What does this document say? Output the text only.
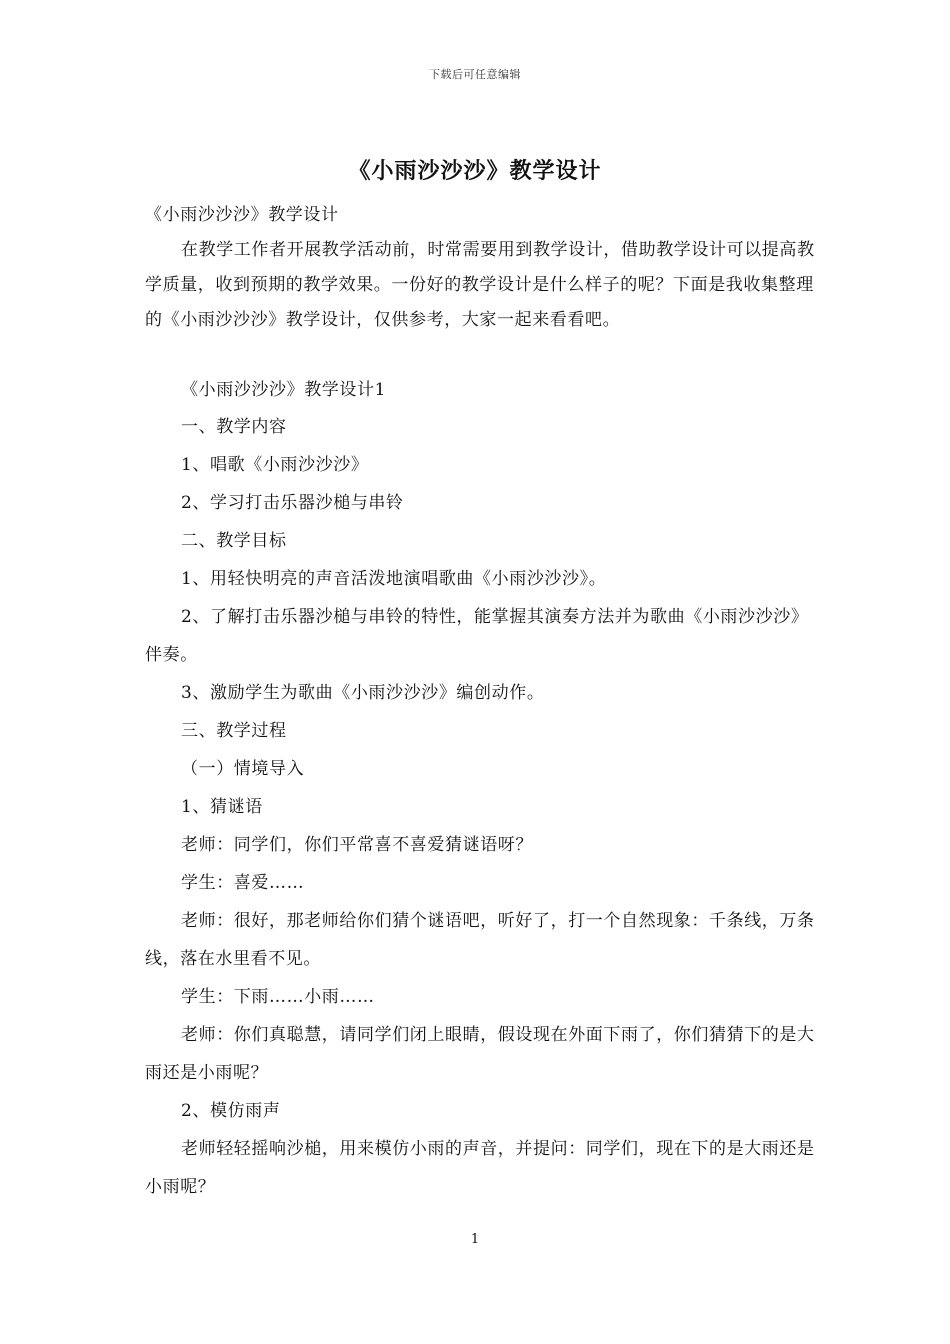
下载后可任意编辑
《小雨沙沙沙》教学设计

《小雨沙沙沙》教学设计

在教学工作者开展教学活动前，时常需要用到教学设计，借助教学设计可以提高教学质量，收到预期的教学效果。一份好的教学设计是什么样子的呢？下面是我收集整理的《小雨沙沙沙》教学设计，仅供参考，大家一起来看看吧。

《小雨沙沙沙》教学设计1

一、教学内容

1、唱歌《小雨沙沙沙》

2、学习打击乐器沙槌与串铃

二、教学目标

1、用轻快明亮的声音活泼地演唱歌曲《小雨沙沙沙》。

2、了解打击乐器沙槌与串铃的特性，能掌握其演奏方法并为歌曲《小雨沙沙沙》伴奏。

3、激励学生为歌曲《小雨沙沙沙》编创动作。

三、教学过程

（一）情境导入

1、猜谜语

老师：同学们，你们平常喜不喜爱猜谜语呀？

学生：喜爱……

老师：很好，那老师给你们猜个谜语吧，听好了，打一个自然现象：千条线，万条线，落在水里看不见。

学生：下雨……小雨……

老师：你们真聪慧，请同学们闭上眼睛，假设现在外面下雨了，你们猜猜下的是大雨还是小雨呢？

2、模仿雨声

老师轻轻摇响沙槌，用来模仿小雨的声音，并提问：同学们，现在下的是大雨还是小雨呢？

1
